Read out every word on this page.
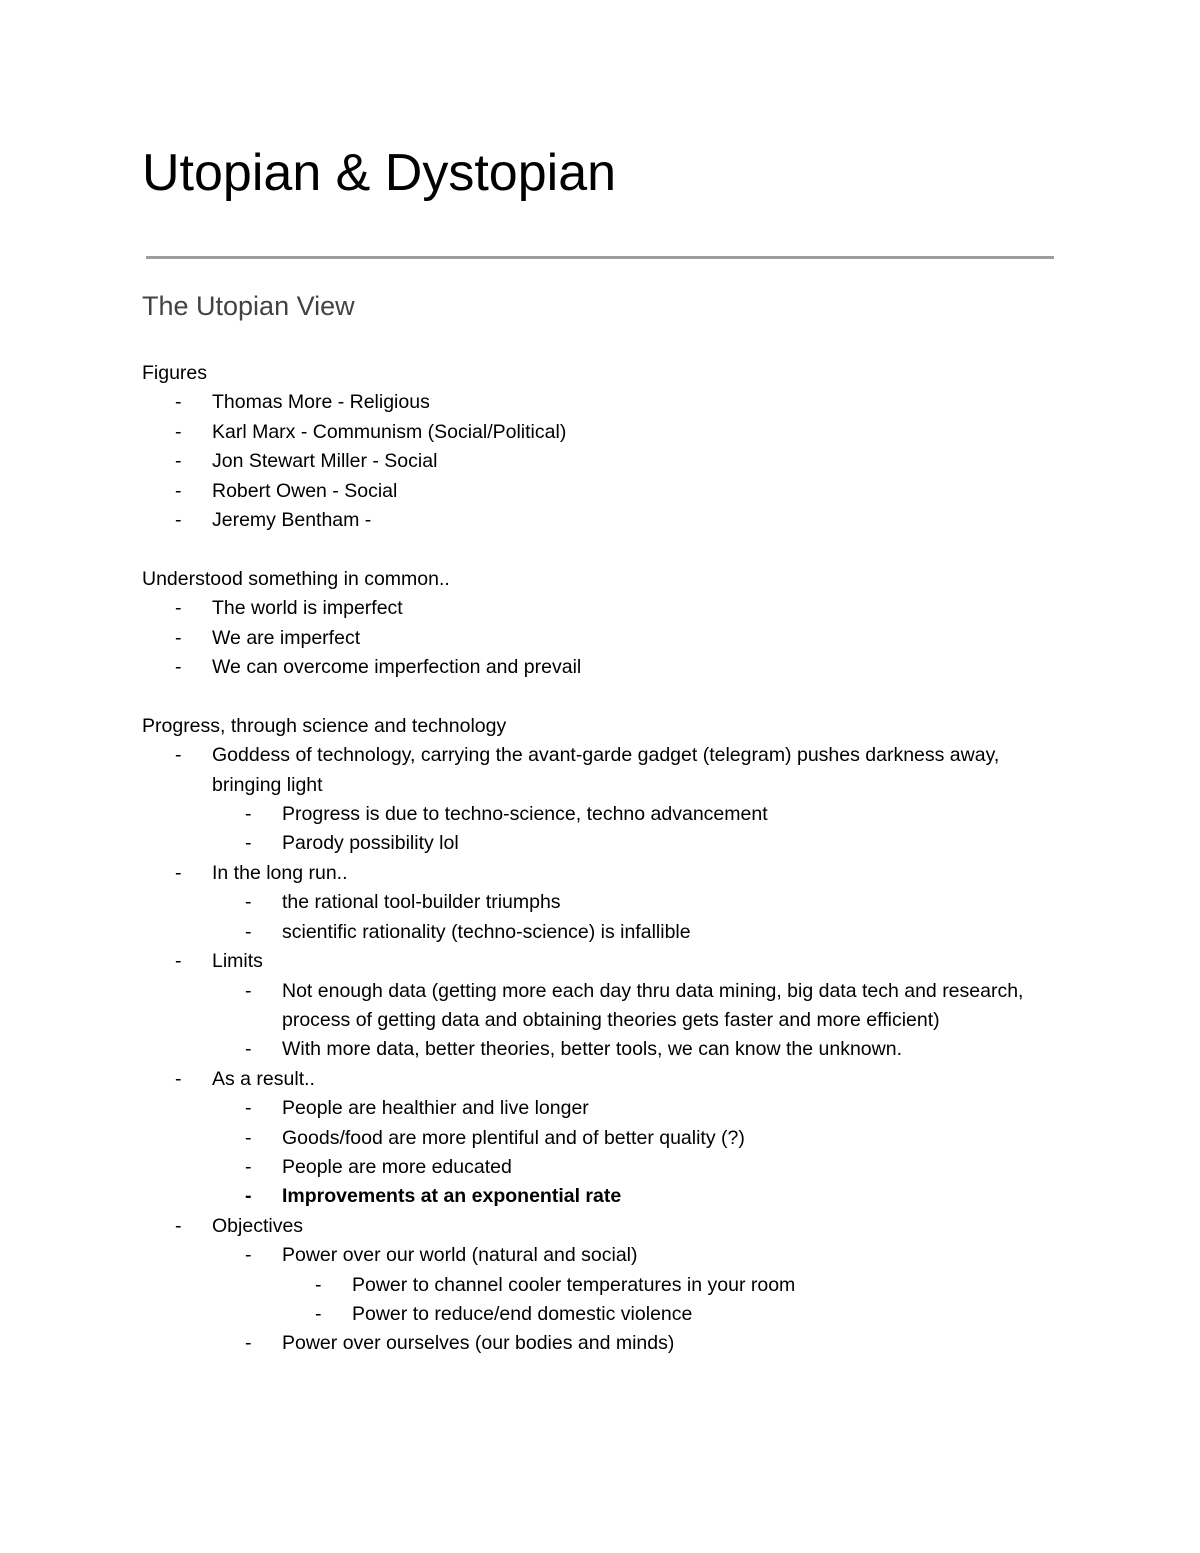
Utopian & Dystopian
The Utopian View

Figures

- Thomas More - Religious
- Karl Marx - Communism (Social/Political)
- Jon Stewart Miller - Social
- Robert Owen - Social
- Jeremy Bentham -

Understood something in common..

- The world is imperfect
- We are imperfect
- We can overcome imperfection and prevail

Progress, through science and technology

- Goddess of technology, carrying the avant-garde gadget (telegram) pushes darkness away, bringing light
- Progress is due to techno-science, techno advancement
- Parody possibility lol
- In the long run..
- the rational tool-builder triumphs
- scientific rationality (techno-science) is infallible
- Limits
- Not enough data (getting more each day thru data mining, big data tech and research, process of getting data and obtaining theories gets faster and more efficient)
- With more data, better theories, better tools, we can know the unknown.
- As a result..
- People are healthier and live longer
- Goods/food are more plentiful and of better quality (?)
- People are more educated
- Improvements at an exponential rate
- Objectives
- Power over our world (natural and social)
- Power to channel cooler temperatures in your room
- Power to reduce/end domestic violence
- Power over ourselves (our bodies and minds)
